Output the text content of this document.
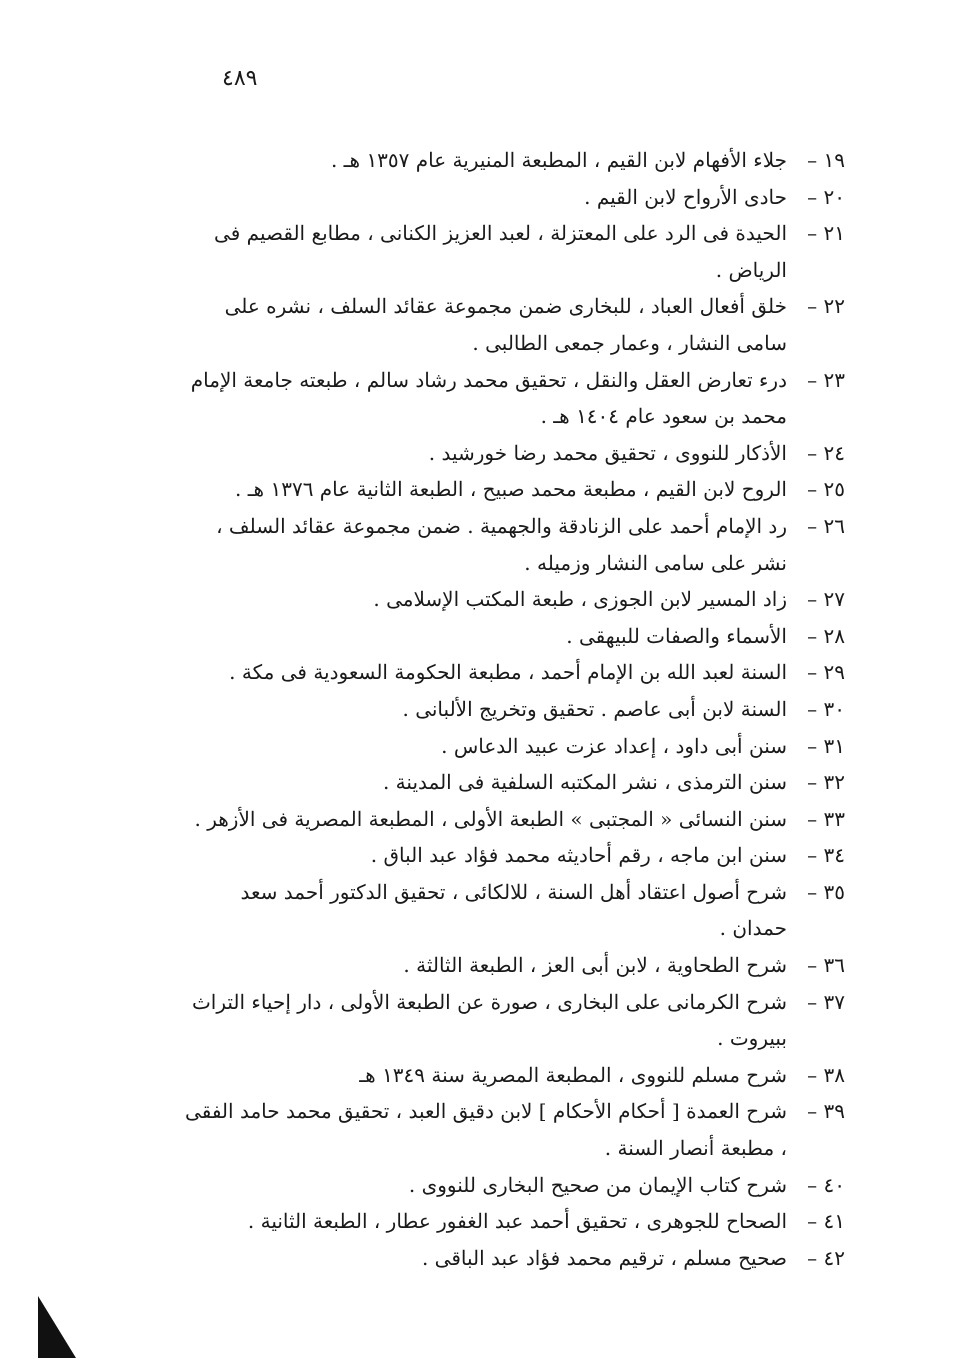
٤٨٩
١٩ –
جلاء الأفهام لابن القيم ، المطبعة المنيرية عام ١٣٥٧ هـ .
٢٠ –
حادى الأرواح لابن القيم .
٢١ –
الحيدة فى الرد على المعتزلة ، لعبد العزيز الكنانى ، مطابع القصيم فى الرياض .
٢٢ –
خلق أفعال العباد ، للبخارى ضمن مجموعة عقائد السلف ، نشره على سامى النشار ، وعمار جمعى الطالبى .
٢٣ –
درء تعارض العقل والنقل ، تحقيق محمد رشاد سالم ، طبعته جامعة الإمام محمد بن سعود عام ١٤٠٤ هـ .
٢٤ –
الأذكار للنووى ، تحقيق محمد رضا خورشيد .
٢٥ –
الروح لابن القيم ، مطبعة محمد صبيح ، الطبعة الثانية عام ١٣٧٦ هـ .
٢٦ –
رد الإمام أحمد على الزنادقة والجهمية . ضمن مجموعة عقائد السلف ، نشر على سامى النشار وزميله .
٢٧ –
زاد المسير لابن الجوزى ، طبعة المكتب الإسلامى .
٢٨ –
الأسماء والصفات للبيهقى .
٢٩ –
السنة لعبد الله بن الإمام أحمد ، مطبعة الحكومة السعودية فى مكة .
٣٠ –
السنة لابن أبى عاصم . تحقيق وتخريج الألبانى .
٣١ –
سنن أبى داود ، إعداد عزت عبيد الدعاس .
٣٢ –
سنن الترمذى ، نشر المكتبه السلفية فى المدينة .
٣٣ –
سنن النسائى « المجتبى » الطبعة الأولى ، المطبعة المصرية فى الأزهر .
٣٤ –
سنن ابن ماجه ، رقم أحاديثه محمد فؤاد عبد الباق .
٣٥ –
شرح أصول اعتقاد أهل السنة ، للالكائى ، تحقيق الدكتور أحمد سعد حمدان .
٣٦ –
شرح الطحاوية ، لابن أبى العز ، الطبعة الثالثة .
٣٧ –
شرح الكرمانى على البخارى ، صورة عن الطبعة الأولى ، دار إحياء التراث ببيروت .
٣٨ –
شرح مسلم للنووى ، المطبعة المصرية سنة ١٣٤٩ هـ
٣٩ –
شرح العمدة [ أحكام الأحكام ] لابن دقيق العبد ، تحقيق محمد حامد الفقى ، مطبعة أنصار السنة .
٤٠ –
شرح كتاب الإيمان من صحيح البخارى للنووى .
٤١ –
الصحاح للجوهرى ، تحقيق أحمد عبد الغفور عطار ، الطبعة الثانية .
٤٢ –
صحيح مسلم ، ترقيم محمد فؤاد عبد الباقى .
